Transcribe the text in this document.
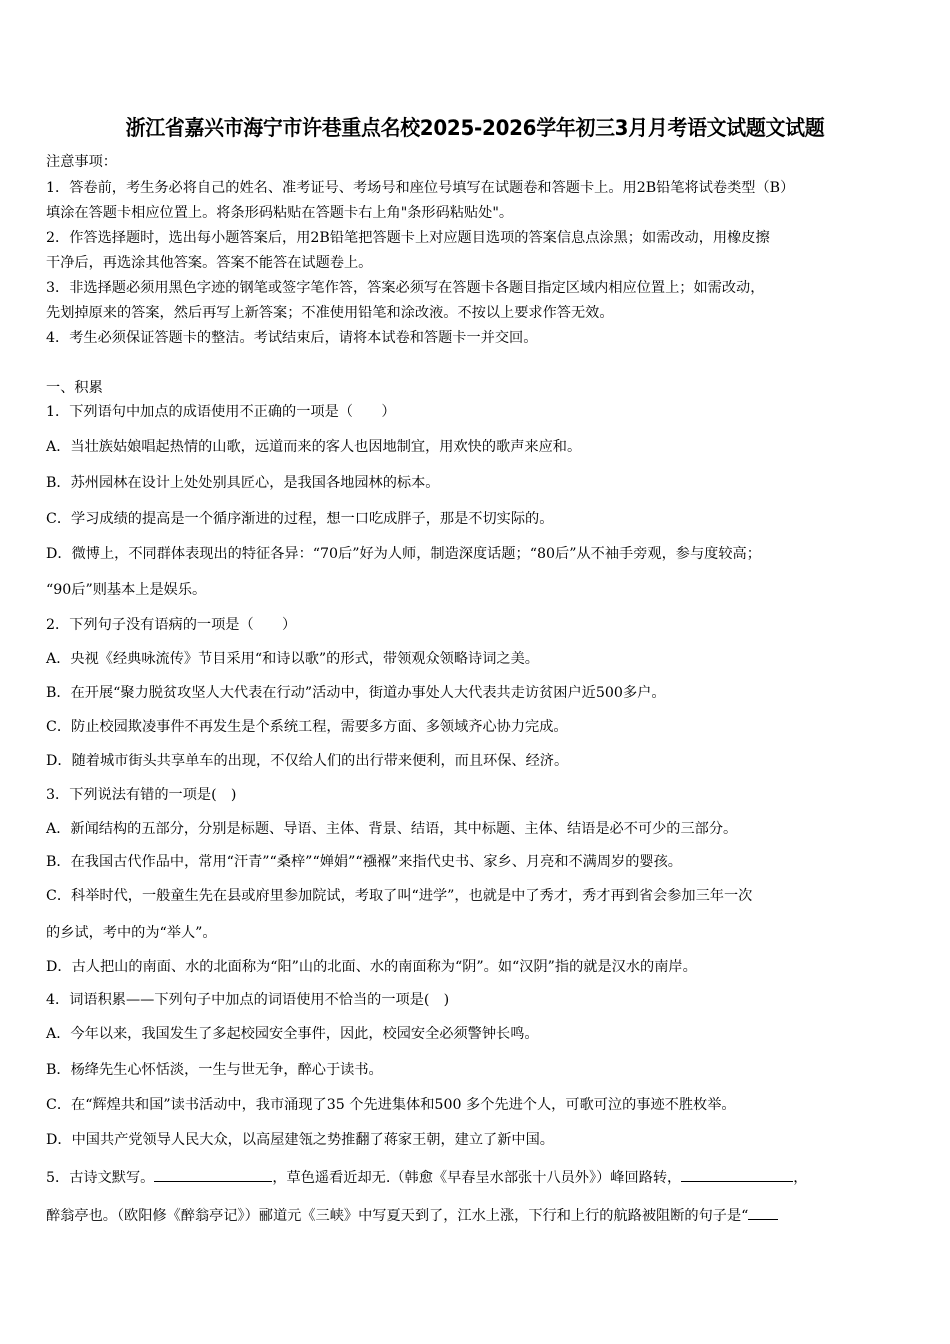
浙江省嘉兴市海宁市许巷重点名校2025-2026学年初三3月月考语文试题文试题
注意事项：
1．答卷前，考生务必将自己的姓名、准考证号、考场号和座位号填写在试题卷和答题卡上。用2B铅笔将试卷类型（B）
填涂在答题卡相应位置上。将条形码粘贴在答题卡右上角"条形码粘贴处"。
2．作答选择题时，选出每小题答案后，用2B铅笔把答题卡上对应题目选项的答案信息点涂黑；如需改动，用橡皮擦
干净后，再选涂其他答案。答案不能答在试题卷上。
3．非选择题必须用黑色字迹的钢笔或签字笔作答，答案必须写在答题卡各题目指定区域内相应位置上；如需改动，
先划掉原来的答案，然后再写上新答案；不准使用铅笔和涂改液。不按以上要求作答无效。
4．考生必须保证答题卡的整洁。考试结束后，请将本试卷和答题卡一并交回。
一、积累
1．下列语句中加点的成语使用不正确的一项是（　　）
A．当壮族姑娘唱起热情的山歌，远道而来的客人也因地制宜，用欢快的歌声来应和。
B．苏州园林在设计上处处别具匠心，是我国各地园林的标本。
C．学习成绩的提高是一个循序渐进的过程，想一口吃成胖子，那是不切实际的。
D．微博上，不同群体表现出的特征各异：“70后”好为人师，制造深度话题；“80后”从不袖手旁观，参与度较高；
“90后”则基本上是娱乐。
2．下列句子没有语病的一项是（　　）
A．央视《经典咏流传》节目采用“和诗以歌”的形式，带领观众领略诗词之美。
B．在开展“聚力脱贫攻坚人大代表在行动”活动中，街道办事处人大代表共走访贫困户近500多户。
C．防止校园欺凌事件不再发生是个系统工程，需要多方面、多领域齐心协力完成。
D．随着城市街头共享单车的出现，不仅给人们的出行带来便利，而且环保、经济。
3．下列说法有错的一项是(　)
A．新闻结构的五部分，分别是标题、导语、主体、背景、结语，其中标题、主体、结语是必不可少的三部分。
B．在我国古代作品中，常用“汗青”“桑梓”“婵娟”“襁褓”来指代史书、家乡、月亮和不满周岁的婴孩。
C．科举时代，一般童生先在县或府里参加院试，考取了叫“进学”，也就是中了秀才，秀才再到省会参加三年一次
的乡试，考中的为“举人”。
D．古人把山的南面、水的北面称为“阳”山的北面、水的南面称为“阴”。如“汉阴”指的就是汉水的南岸。
4．词语积累——下列句子中加点的词语使用不恰当的一项是(　)
A．今年以来，我国发生了多起校园安全事件，因此，校园安全必须警钟长鸣。
B．杨绛先生心怀恬淡，一生与世无争，醉心于读书。
C．在“辉煌共和国”读书活动中，我市涌现了35 个先进集体和500 多个先进个人，可歌可泣的事迹不胜枚举。
D．中国共产党领导人民大众，以高屋建瓴之势推翻了蒋家王朝，建立了新中国。
5．古诗文默写。	，草色遥看近却无.（韩愈《早春呈水部张十八员外》）峰回路转，	，
醉翁亭也。（欧阳修《醉翁亭记》）郦道元《三峡》中写夏天到了，江水上涨，下行和上行的航路被阻断的句子是“
